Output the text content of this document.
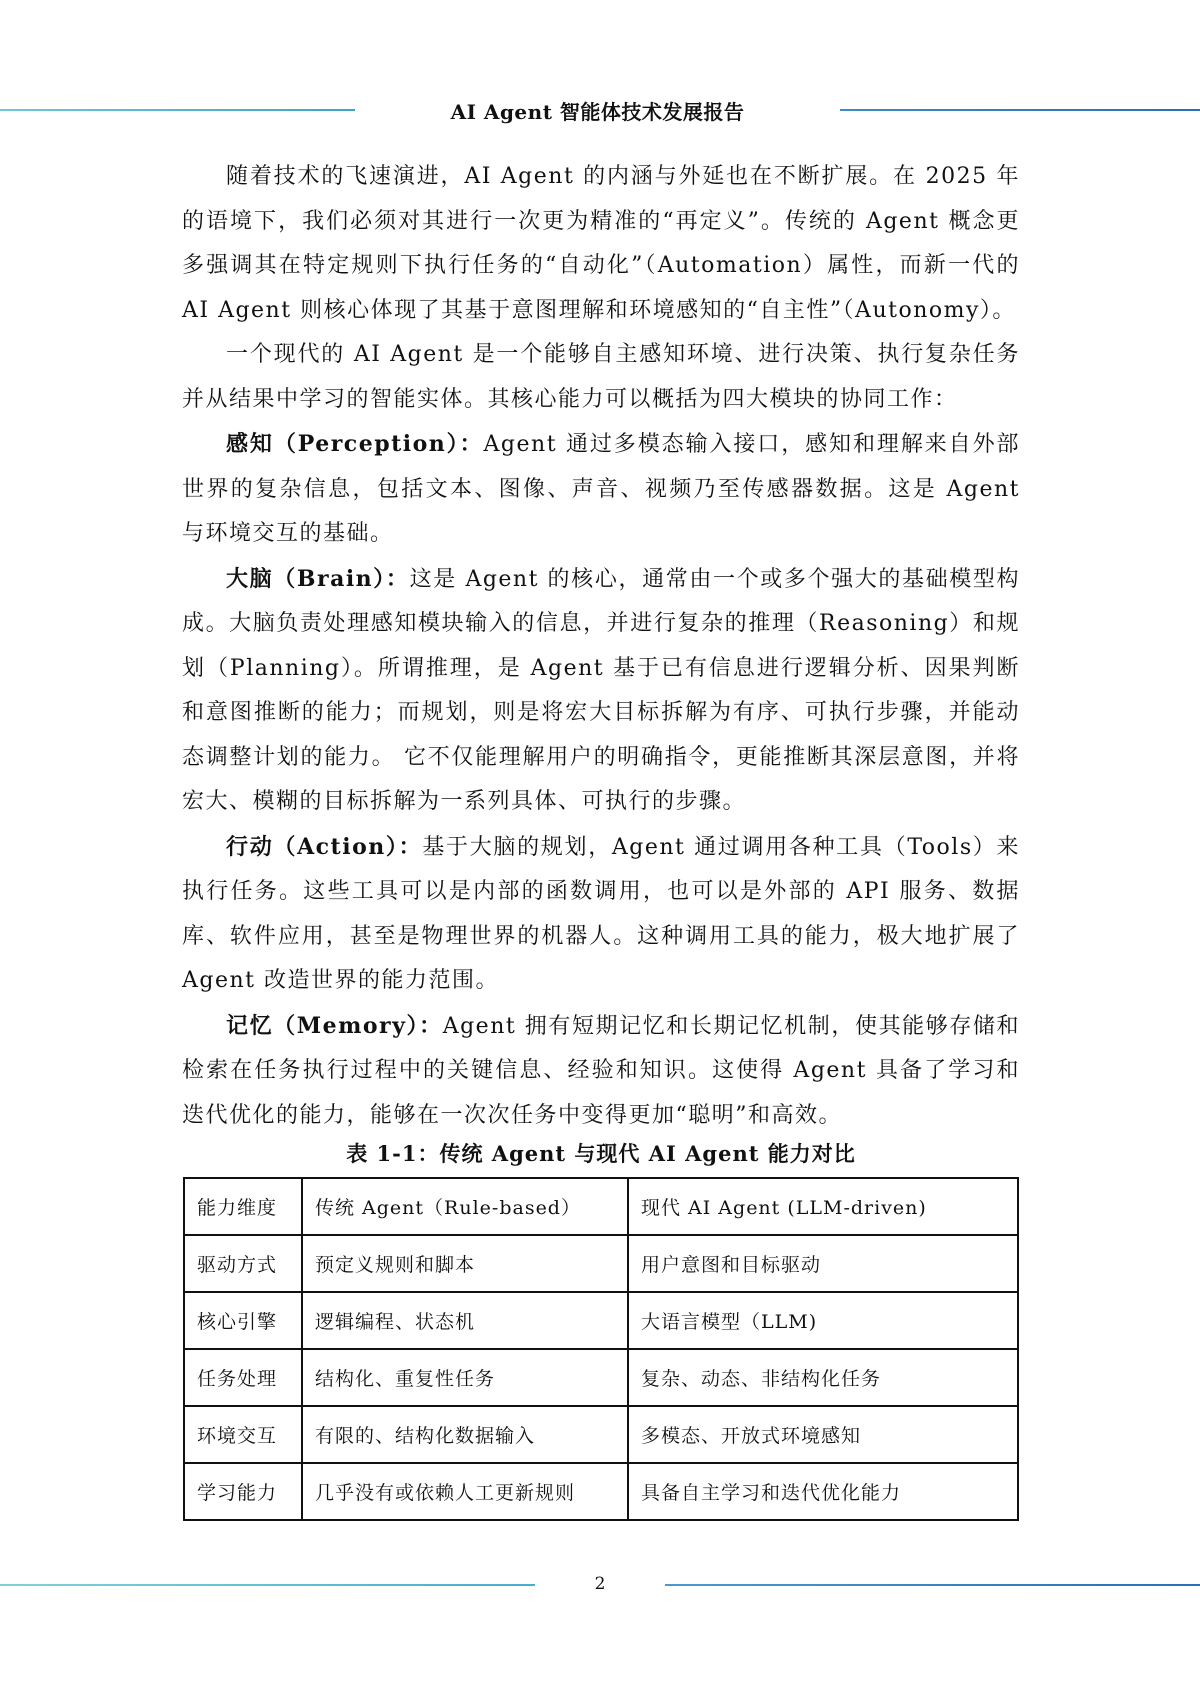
AI Agent 智能体技术发展报告

随着技术的飞速演进，AI Agent 的内涵与外延也在不断扩展。在 2025 年的语境下，我们必须对其进行一次更为精准的“再定义”。传统的 Agent 概念更多强调其在特定规则下执行任务的“自动化”（Automation）属性，而新一代的 AI Agent 则核心体现了其基于意图理解和环境感知的“自主性”（Autonomy）。

一个现代的 AI Agent 是一个能够自主感知环境、进行决策、执行复杂任务并从结果中学习的智能实体。其核心能力可以概括为四大模块的协同工作：

感知（Perception）：Agent 通过多模态输入接口，感知和理解来自外部世界的复杂信息，包括文本、图像、声音、视频乃至传感器数据。这是 Agent 与环境交互的基础。

大脑（Brain）：这是 Agent 的核心，通常由一个或多个强大的基础模型构成。大脑负责处理感知模块输入的信息，并进行复杂的推理（Reasoning）和规划（Planning）。所谓推理，是 Agent 基于已有信息进行逻辑分析、因果判断和意图推断的能力；而规划，则是将宏大目标拆解为有序、可执行步骤，并能动态调整计划的能力。 它不仅能理解用户的明确指令，更能推断其深层意图，并将宏大、模糊的目标拆解为一系列具体、可执行的步骤。

行动（Action）：基于大脑的规划，Agent 通过调用各种工具（Tools）来执行任务。这些工具可以是内部的函数调用，也可以是外部的 API 服务、数据库、软件应用，甚至是物理世界的机器人。这种调用工具的能力，极大地扩展了 Agent 改造世界的能力范围。

记忆（Memory）：Agent 拥有短期记忆和长期记忆机制，使其能够存储和检索在任务执行过程中的关键信息、经验和知识。这使得 Agent 具备了学习和迭代优化的能力，能够在一次次任务中变得更加“聪明”和高效。

表 1-1：传统 Agent 与现代 AI Agent 能力对比
能力维度	传统 Agent（Rule-based）	现代 AI Agent (LLM-driven)
驱动方式	预定义规则和脚本	用户意图和目标驱动
核心引擎	逻辑编程、状态机	大语言模型（LLM)
任务处理	结构化、重复性任务	复杂、动态、非结构化任务
环境交互	有限的、结构化数据输入	多模态、开放式环境感知
学习能力	几乎没有或依赖人工更新规则	具备自主学习和迭代优化能力
2
